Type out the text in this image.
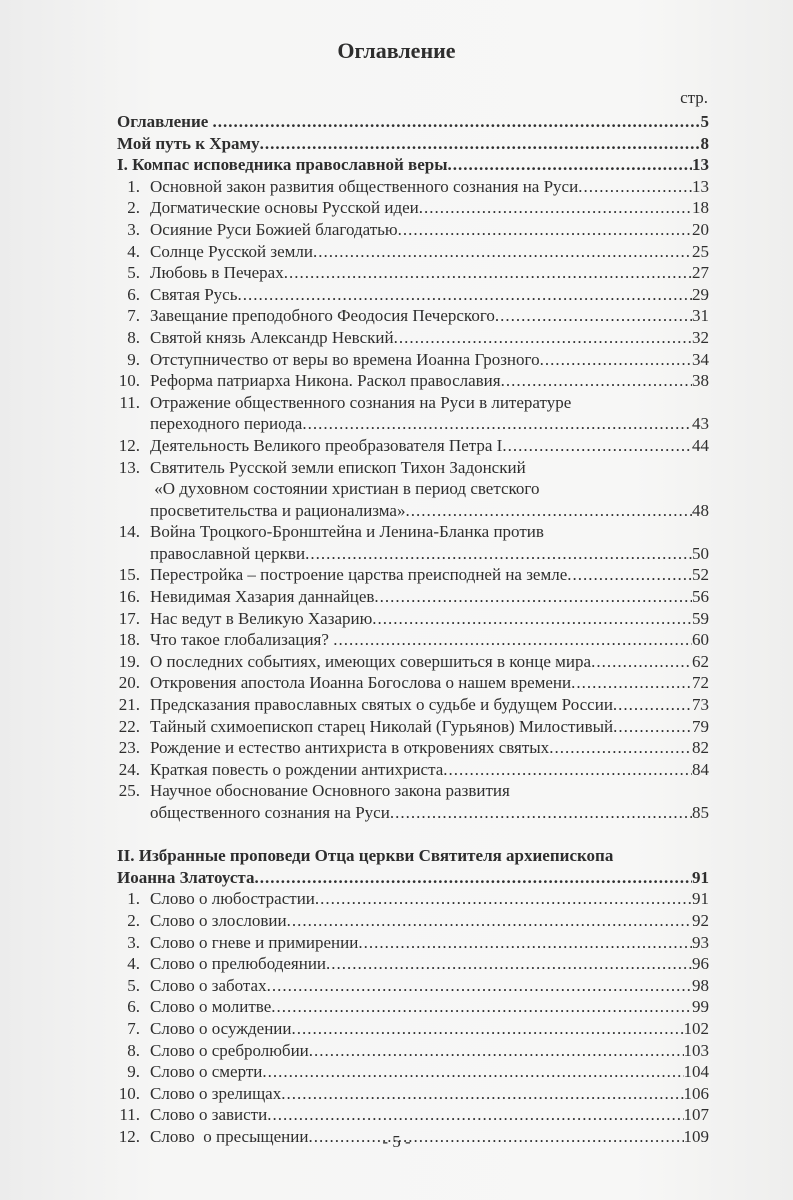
Оглавление
стр.
Оглавление .....	5
Мой путь к Храму .....	8
I. Компас исповедника православной веры .....	13
1. Основной закон развития общественного сознания на Руси .....	13
2. Догматические основы Русской идеи .....	18
3. Осияние Руси Божией благодатью .....	20
4. Солнце Русской земли .....	25
5. Любовь в Печерах .....	27
6. Святая Русь .....	29
7. Завещание преподобного Феодосия Печерского .....	31
8. Святой князь Александр Невский .....	32
9. Отступничество от веры во времена Иоанна Грозного .....	34
10. Реформа патриарха Никона. Раскол православия .....	38
11. Отражение общественного сознания на Руси в литературе
переходного периода .....	43
12. Деятельность Великого преобразователя Петра I .....	44
13. Святитель Русской земли епископ Тихон Задонский
«О духовном состоянии христиан в период светского
просветительства и рационализма» .....	48
14. Война Троцкого-Бронштейна и Ленина-Бланка против
православной церкви .....	50
15. Перестройка – построение царства преисподней на земле .....	52
16. Невидимая Хазария даннайцев .....	56
17. Нас ведут в Великую Хазарию .....	59
18. Что такое глобализация? .....	60
19. О последних событиях, имеющих совершиться в конце мира .....	62
20. Откровения апостола Иоанна Богослова о нашем времени .....	72
21. Предсказания православных святых о судьбе и будущем России .....	73
22. Тайный схимоепископ старец Николай (Гурьянов) Милостивый .....	79
23. Рождение и естество антихриста в откровениях святых .....	82
24. Краткая повесть о рождении антихриста .....	84
25. Научное обоснование Основного закона развития
общественного сознания на Руси .....	85
II. Избранные проповеди Отца церкви Святителя архиепископа
Иоанна Златоуста .....	91
1. Слово о любострастии .....	91
2. Слово о злословии .....	92
3. Слово о гневе и примирении .....	93
4. Слово о прелюбодеянии .....	96
5. Слово о заботах .....	98
6. Слово о молитве .....	99
7. Слово о осуждении .....	102
8. Слово о сребролюбии .....	103
9. Слово о смерти .....	104
10. Слово о зрелищах .....	106
11. Слово о зависти .....	107
12. Слово  о пресыщении .....	109
- 5 -
